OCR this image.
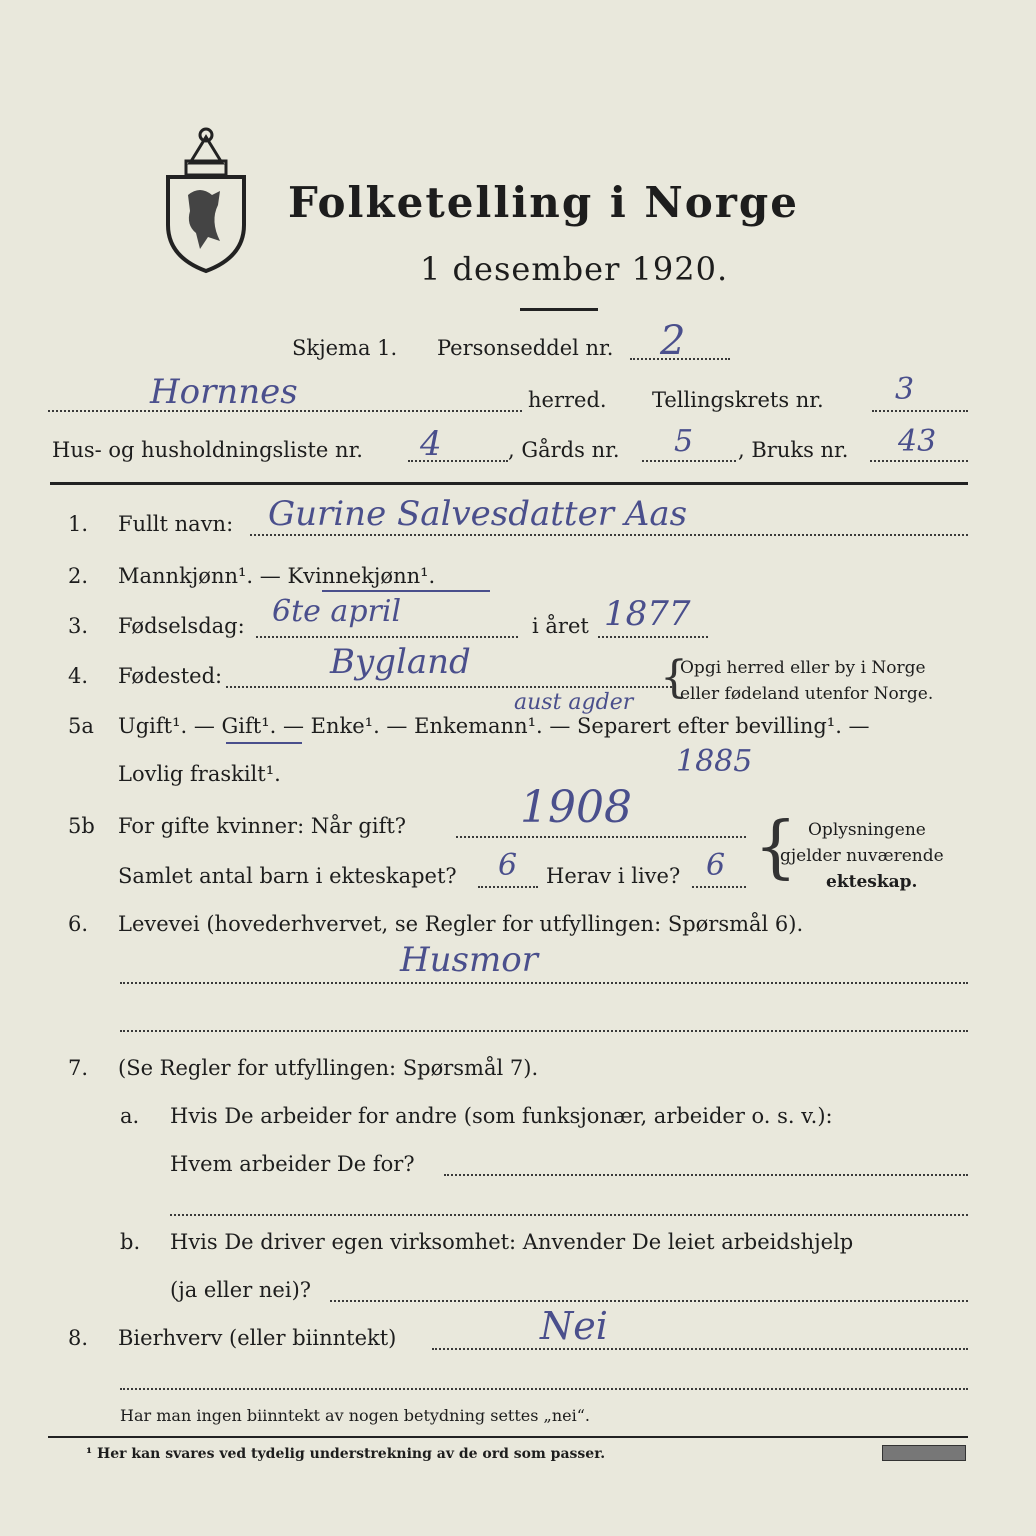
Folketelling i Norge
1 desember 1920.
Skjema 1. Personseddel nr. 2
Hornnes	herred. Tellingskrets nr. 3
Hus- og husholdningsliste nr. 4	, Gårds nr. 5 , Bruks nr. 43
1. Fullt navn: Gurine Salvesdatter Aas
2. Mannkjønn¹. — Kvinnekjønn¹.
3. Fødselsdag: 6te april	i året 1877
4. Fødested:	Bygland
aust agder {
Opgi herred eller by i Norge
eller fødeland utenfor Norge.
5a Ugift¹. — Gift¹. — Enke¹. — Enkemann¹. — Separert efter bevilling¹. —
Lovlig fraskilt¹.	1885
5b For gifte kvinner: Når gift?	1908
Samlet antal barn i ekteskapet? 6 Herav i live? 6 { Oplysningene
gjelder nuværende
ekteskap.
6. Levevei (hovederhvervet, se Regler for utfyllingen: Spørsmål 6).
Husmor
7. (Se Regler for utfyllingen: Spørsmål 7).
a. Hvis De arbeider for andre (som funksjonær, arbeider o. s. v.):
Hvem arbeider De for?
b. Hvis De driver egen virksomhet: Anvender De leiet arbeidshjelp
(ja eller nei)?
8. Bierhverv (eller biinntekt)	Nei
Har man ingen biinntekt av nogen betydning settes „nei“.
¹ Her kan svares ved tydelig understrekning av de ord som passer.
